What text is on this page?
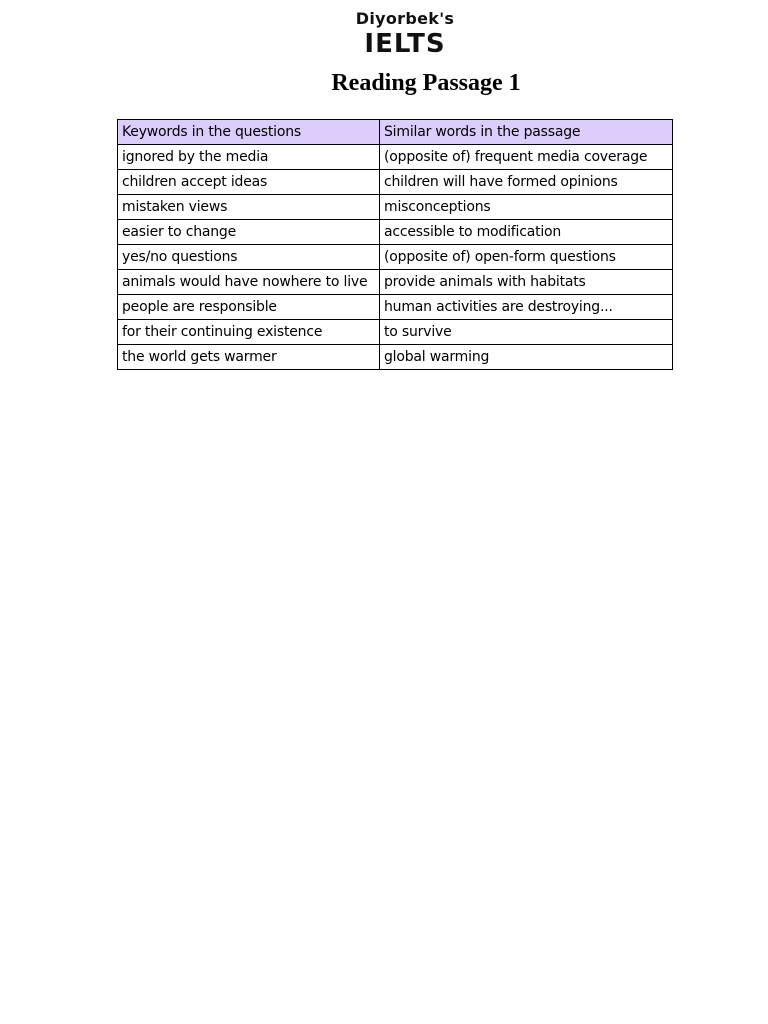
Diyorbek's
IELTS
Reading Passage 1
Keywords in the questions	Similar words in the passage
ignored by the media	(opposite of) frequent media coverage
children accept ideas	children will have formed opinions
mistaken views	misconceptions
easier to change	accessible to modification
yes/no questions	(opposite of) open-form questions
animals would have nowhere to live	provide animals with habitats
people are responsible	human activities are destroying...
for their continuing existence	to survive
the world gets warmer	global warming
